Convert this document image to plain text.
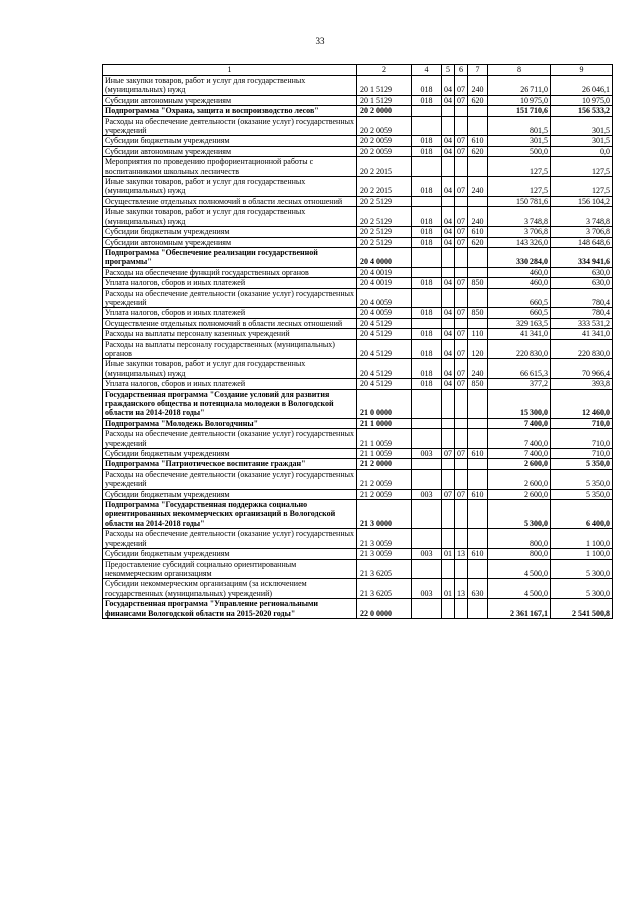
33
1	2	4	5	6	7	8	9
Иные закупки товаров, работ и услуг для государственных (муниципальных) нужд	20 1 5129	018	04	07	240	26 711,0	26 046,1
Субсидии автономным учреждениям	20 1 5129	018	04	07	620	10 975,0	10 975,0
Подпрограмма "Охрана, защита и воспроизводство лесов"	20 2 0000					151 710,6	156 533,2
Расходы на обеспечение деятельности (оказание услуг) государственных учреждений	20 2 0059					801,5	301,5
Субсидии бюджетным учреждениям	20 2 0059	018	04	07	610	301,5	301,5
Субсидии автономным учреждениям	20 2 0059	018	04	07	620	500,0	0,0
Мероприятия по проведению профориентационной работы с воспитанниками школьных лесничеств	20 2 2015					127,5	127,5
Иные закупки товаров, работ и услуг для государственных (муниципальных) нужд	20 2 2015	018	04	07	240	127,5	127,5
Осуществление отдельных полномочий в области лесных отношений	20 2 5129					150 781,6	156 104,2
Иные закупки товаров, работ и услуг для государственных (муниципальных) нужд	20 2 5129	018	04	07	240	3 748,8	3 748,8
Субсидии бюджетным учреждениям	20 2 5129	018	04	07	610	3 706,8	3 706,8
Субсидии автономным учреждениям	20 2 5129	018	04	07	620	143 326,0	148 648,6
Подпрограмма "Обеспечение реализации государственной программы"	20 4 0000					330 284,0	334 941,6
Расходы на обеспечение функций государственных органов	20 4 0019					460,0	630,0
Уплата налогов, сборов и иных платежей	20 4 0019	018	04	07	850	460,0	630,0
Расходы на обеспечение деятельности (оказание услуг) государственных учреждений	20 4 0059					660,5	780,4
Уплата налогов, сборов и иных платежей	20 4 0059	018	04	07	850	660,5	780,4
Осуществление отдельных полномочий в области лесных отношений	20 4 5129					329 163,5	333 531,2
Расходы на выплаты персоналу казенных учреждений	20 4 5129	018	04	07	110	41 341,0	41 341,0
Расходы на выплаты персоналу государственных (муниципальных) органов	20 4 5129	018	04	07	120	220 830,0	220 830,0
Иные закупки товаров, работ и услуг для государственных (муниципальных) нужд	20 4 5129	018	04	07	240	66 615,3	70 966,4
Уплата налогов, сборов и иных платежей	20 4 5129	018	04	07	850	377,2	393,8
Государственная программа "Создание условий для развития гражданского общества и потенциала молодежи в Вологодской области на 2014-2018 годы"	21 0 0000					15 300,0	12 460,0
Подпрограмма "Молодежь Вологодчины"	21 1 0000					7 400,0	710,0
Расходы на обеспечение деятельности (оказание услуг) государственных учреждений	21 1 0059					7 400,0	710,0
Субсидии бюджетным учреждениям	21 1 0059	003	07	07	610	7 400,0	710,0
Подпрограмма "Патриотическое воспитание граждан"	21 2 0000					2 600,0	5 350,0
Расходы на обеспечение деятельности (оказание услуг) государственных учреждений	21 2 0059					2 600,0	5 350,0
Субсидии бюджетным учреждениям	21 2 0059	003	07	07	610	2 600,0	5 350,0
Подпрограмма "Государственная поддержка социально ориентированных некоммерческих организаций в Вологодской области на 2014-2018 годы"	21 3 0000					5 300,0	6 400,0
Расходы на обеспечение деятельности (оказание услуг) государственных учреждений	21 3 0059					800,0	1 100,0
Субсидии бюджетным учреждениям	21 3 0059	003	01	13	610	800,0	1 100,0
Предоставление субсидий социально ориентированным некоммерческим организациям	21 3 6205					4 500,0	5 300,0
Субсидии некоммерческим организациям (за исключением государственных (муниципальных) учреждений)	21 3 6205	003	01	13	630	4 500,0	5 300,0
Государственная программа "Управление региональными финансами Вологодской области на 2015-2020 годы"	22 0 0000					2 361 167,1	2 541 500,8
